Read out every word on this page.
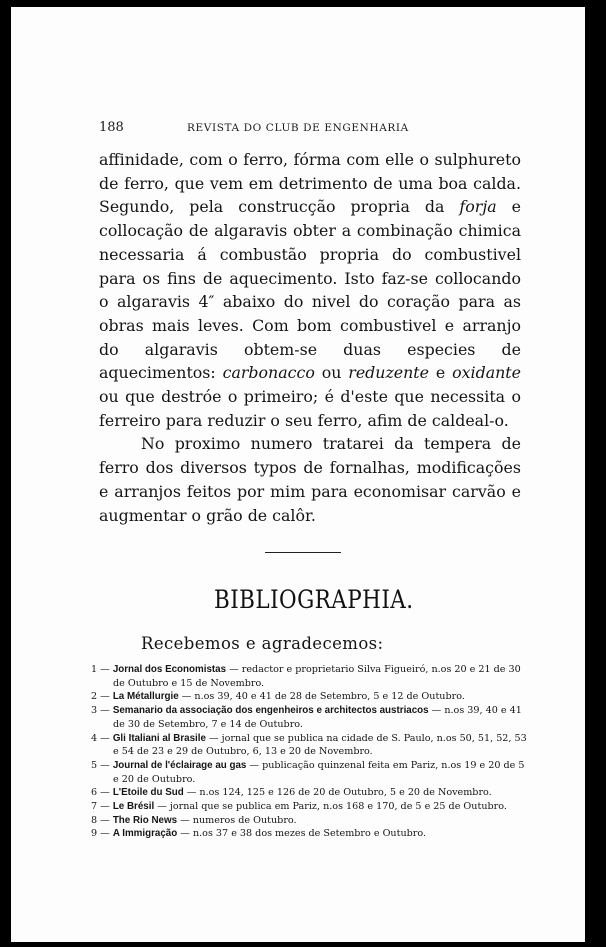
188	REVISTA DO CLUB DE ENGENHARIA

affinidade, com o ferro, fórma com elle o sulphureto de ferro, que vem em detrimento de uma boa calda. Segundo, pela construcção propria da forja e collocação de algaravis obter a combinação chimica necessaria á combustão propria do combustivel para os fins de aquecimento. Isto faz-se collocando o algaravis 4″ abaixo do nivel do coração para as obras mais leves. Com bom combustivel e arranjo do algaravis obtem-se duas especies de aquecimentos: carbonacco ou reduzente e oxidante ou que destróe o primeiro; é d'este que necessita o ferreiro para reduzir o seu ferro, afim de caldeal-o.

No proximo numero tratarei da tempera de ferro dos diversos typos de fornalhas, modificações e arranjos feitos por mim para economisar carvão e augmentar o grão de calôr.

BIBLIOGRAPHIA.
Recebemos e agradecemos:
1 — Jornal dos Economistas — redactor e proprietario Silva Figueiró, n.os 20 e 21 de 30 de Outubro e 15 de Novembro.
2 — La Métallurgie — n.os 39, 40 e 41 de 28 de Setembro, 5 e 12 de Outubro.
3 — Semanario da associação dos engenheiros e architectos austriacos — n.os 39, 40 e 41 de 30 de Setembro, 7 e 14 de Outubro.
4 — Gli Italiani al Brasile — jornal que se publica na cidade de S. Paulo, n.os 50, 51, 52, 53 e 54 de 23 e 29 de Outubro, 6, 13 e 20 de Novembro.
5 — Journal de l'éclairage au gas — publicação quinzenal feita em Pariz, n.os 19 e 20 de 5 e 20 de Outubro.
6 — L'Etoile du Sud — n.os 124, 125 e 126 de 20 de Outubro, 5 e 20 de Novembro.
7 — Le Brésil — jornal que se publica em Pariz, n.os 168 e 170, de 5 e 25 de Outubro.
8 — The Rio News — numeros de Outubro.
9 — A Immigração — n.os 37 e 38 dos mezes de Setembro e Outubro.
